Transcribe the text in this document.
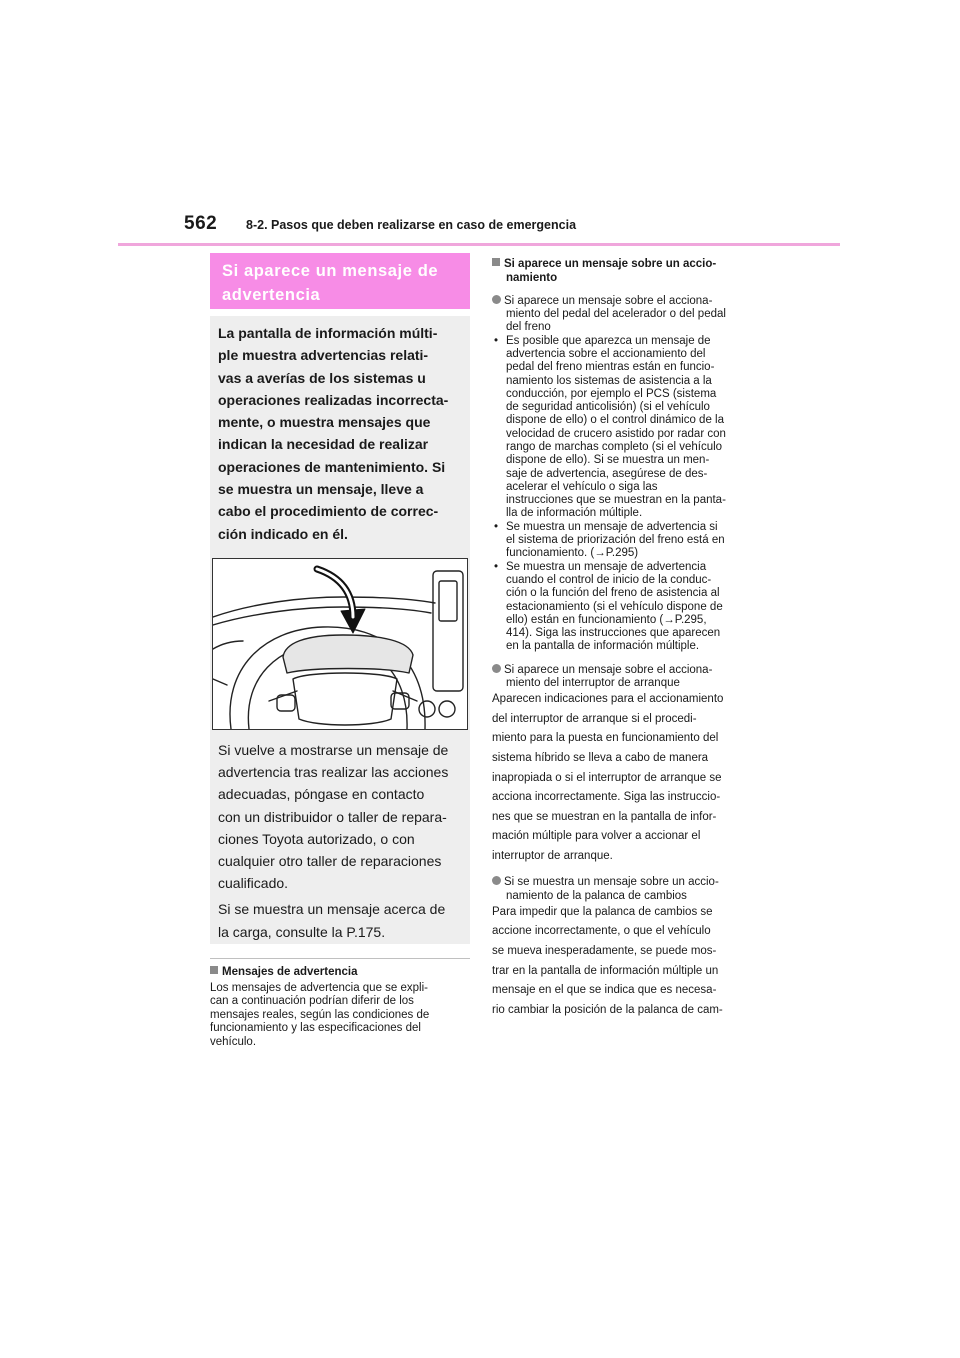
562 8-2. Pasos que deben realizarse en caso de emergencia
Si aparece un mensaje de
advertencia
La pantalla de información múlti-
ple muestra advertencias relati-
vas a averías de los sistemas u
operaciones realizadas incorrecta-
mente, o muestra mensajes que
indican la necesidad de realizar
operaciones de mantenimiento. Si
se muestra un mensaje, lleve a
cabo el procedimiento de correc-
ción indicado en él.

Si vuelve a mostrarse un mensaje de
advertencia tras realizar las acciones
adecuadas, póngase en contacto
con un distribuidor o taller de repara-
ciones Toyota autorizado, o con
cualquier otro taller de reparaciones
cualificado.

Si se muestra un mensaje acerca de
la carga, consulte la P.175.

Mensajes de advertencia
Los mensajes de advertencia que se expli-
can a continuación podrían diferir de los
mensajes reales, según las condiciones de
funcionamiento y las especificaciones del
vehículo.
Si aparece un mensaje sobre un accio-
namiento
Si aparece un mensaje sobre el acciona-
miento del pedal del acelerador o del pedal
del freno
• Es posible que aparezca un mensaje de
advertencia sobre el accionamiento del
pedal del freno mientras están en funcio-
namiento los sistemas de asistencia a la
conducción, por ejemplo el PCS (sistema
de seguridad anticolisión) (si el vehículo
dispone de ello) o el control dinámico de la
velocidad de crucero asistido por radar con
rango de marchas completo (si el vehículo
dispone de ello). Si se muestra un men-
saje de advertencia, asegúrese de des-
acelerar el vehículo o siga las
instrucciones que se muestran en la panta-
lla de información múltiple.
• Se muestra un mensaje de advertencia si
el sistema de priorización del freno está en
funcionamiento. (→P.295)
• Se muestra un mensaje de advertencia
cuando el control de inicio de la conduc-
ción o la función del freno de asistencia al
estacionamiento (si el vehículo dispone de
ello) están en funcionamiento (→P.295,
414). Siga las instrucciones que aparecen
en la pantalla de información múltiple.
Si aparece un mensaje sobre el acciona-
miento del interruptor de arranque
Aparecen indicaciones para el accionamiento
del interruptor de arranque si el procedi-
miento para la puesta en funcionamiento del
sistema híbrido se lleva a cabo de manera
inapropiada o si el interruptor de arranque se
acciona incorrectamente. Siga las instruccio-
nes que se muestran en la pantalla de infor-
mación múltiple para volver a accionar el
interruptor de arranque.
Si se muestra un mensaje sobre un accio-
namiento de la palanca de cambios
Para impedir que la palanca de cambios se
accione incorrectamente, o que el vehículo
se mueva inesperadamente, se puede mos-
trar en la pantalla de información múltiple un
mensaje en el que se indica que es necesa-
rio cambiar la posición de la palanca de cam-
